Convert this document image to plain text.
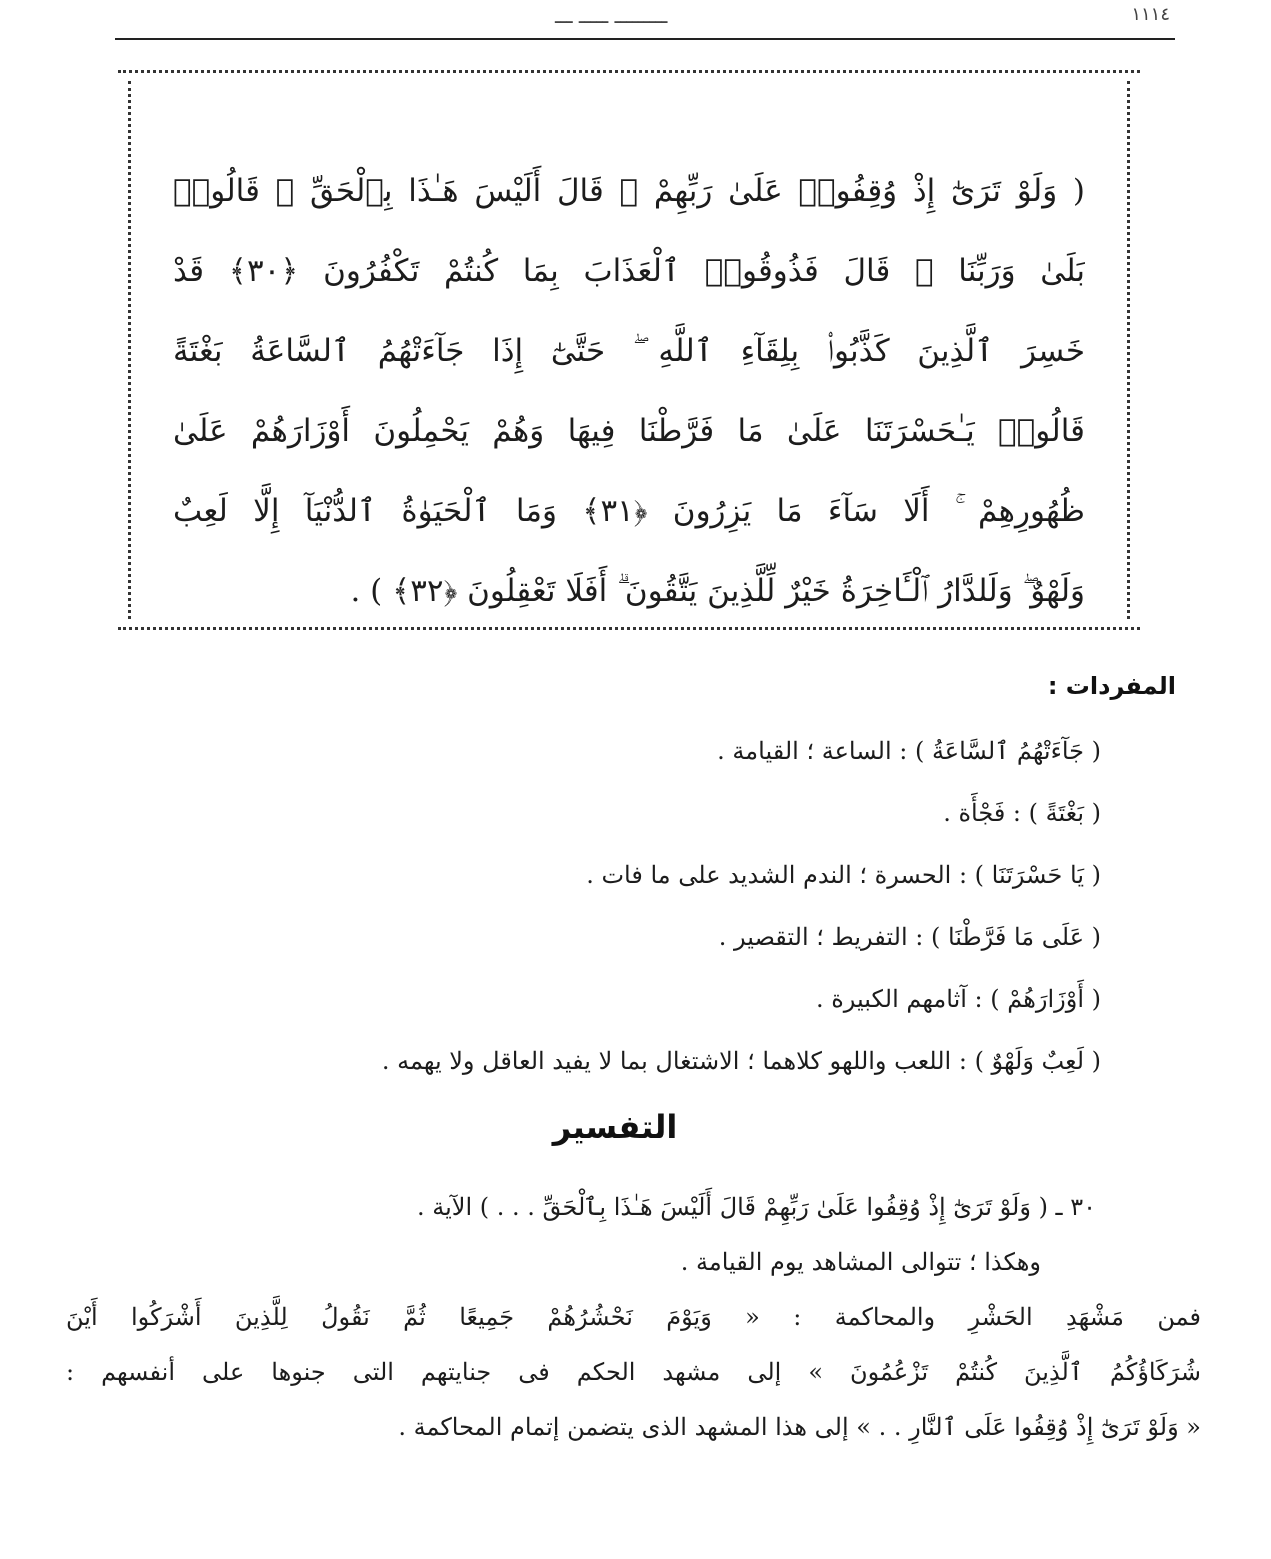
ـــــــــ ـــــ ـــ	١١١٤
( وَلَوْ تَرَىٰٓ إِذْ وُقِفُوا۟ عَلَىٰ رَبِّهِمْ ۚ قَالَ أَلَيْسَ هَـٰذَا بِٱلْحَقِّ ۚ قَالُوا۟
بَلَىٰ وَرَبِّنَا ۚ قَالَ فَذُوقُوا۟ ٱلْعَذَابَ بِمَا كُنتُمْ تَكْفُرُونَ ﴿٣٠﴾ قَدْ
خَسِرَ ٱلَّذِينَ كَذَّبُوا۟ بِلِقَآءِ ٱللَّهِ ۖ حَتَّىٰٓ إِذَا جَآءَتْهُمُ ٱلسَّاعَةُ بَغْتَةً
قَالُوا۟ يَـٰحَسْرَتَنَا عَلَىٰ مَا فَرَّطْنَا فِيهَا وَهُمْ يَحْمِلُونَ أَوْزَارَهُمْ عَلَىٰ
ظُهُورِهِمْ ۚ أَلَا سَآءَ مَا يَزِرُونَ ﴿٣١﴾ وَمَا ٱلْحَيَوٰةُ ٱلدُّنْيَآ إِلَّا لَعِبٌ
وَلَهْوٌ ۖ وَلَلدَّارُ ٱلْـَٔاخِرَةُ خَيْرٌ لِّلَّذِينَ يَتَّقُونَ ۗ أَفَلَا تَعْقِلُونَ ﴿٣٢﴾ ) .
المفردات :
( جَآءَتْهُمُ ٱلسَّاعَةُ ) : الساعة ؛ القيامة .
( بَغْتَةً ) : فَجْأَة .
( يَا حَسْرَتَنَا ) : الحسرة ؛ الندم الشديد على ما فات .
( عَلَى مَا فَرَّطْنَا ) : التفريط ؛ التقصير .
( أَوْزَارَهُمْ ) : آثامهم الكبيرة .
( لَعِبٌ وَلَهْوٌ ) : اللعب واللهو كلاهما ؛ الاشتغال بما لا يفيد العاقل ولا يهمه .
التفسير
٣٠ ـ ( وَلَوْ تَرَىٰٓ إِذْ وُقِفُوا عَلَىٰ رَبِّهِمْ قَالَ أَلَيْسَ هَـٰذَا بِٱلْحَقِّ . . . ) الآية .
وهكذا ؛ تتوالى المشاهد يوم القيامة .
فمن مَشْهَدِ الحَشْرِ والمحاكمة : « وَيَوْمَ نَحْشُرُهُمْ جَمِيعًا ثُمَّ نَقُولُ لِلَّذِينَ أَشْرَكُوا أَيْنَ
شُرَكَاؤُكُمُ ٱلَّذِينَ كُنتُمْ تَزْعُمُونَ » إلى مشهد الحكم فى جنايتهم التى جنوها على أنفسهم :
« وَلَوْ تَرَىٰٓ إِذْ وُقِفُوا عَلَى ٱلنَّارِ . . » إلى هذا المشهد الذى يتضمن إتمام المحاكمة .
